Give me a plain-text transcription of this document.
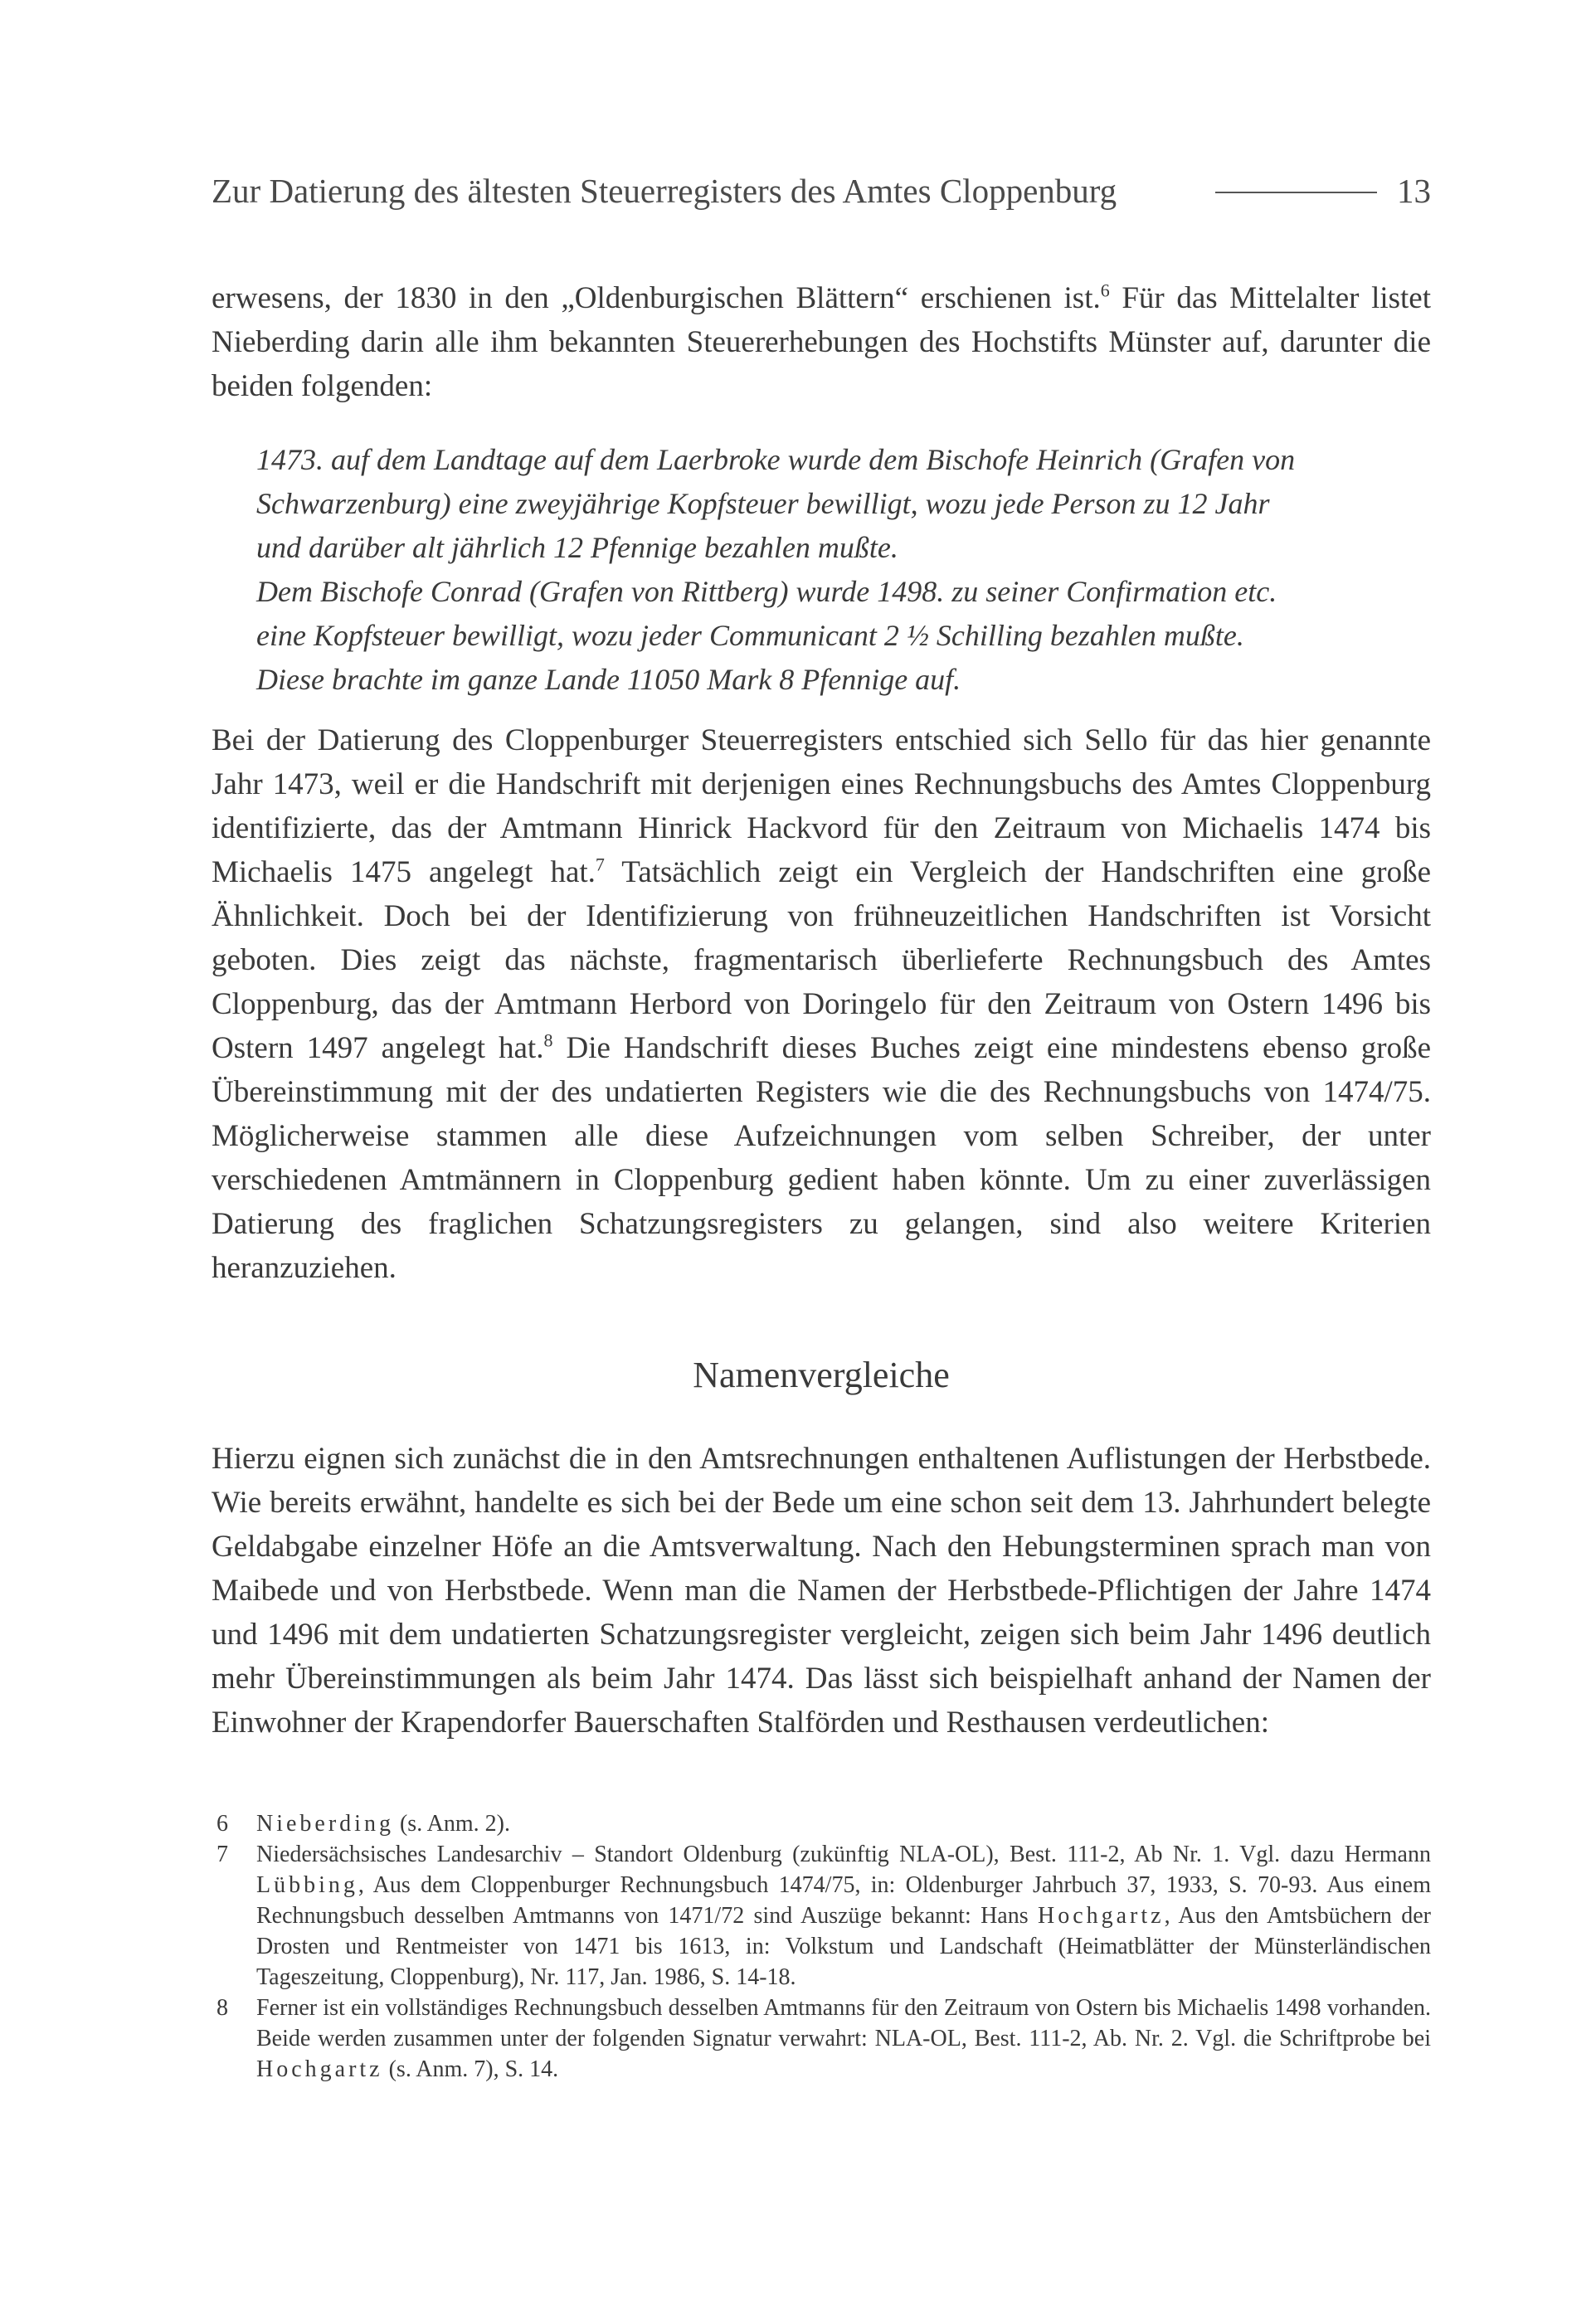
Zur Datierung des ältesten Steuerregisters des Amtes Cloppenburg	13

erwesens, der 1830 in den „Oldenburgischen Blättern“ erschienen ist.$^6$ Für das Mittelalter listet Nieberding darin alle ihm bekannten Steuererhebungen des Hochstifts Münster auf, darunter die beiden folgenden:

1473. auf dem Landtage auf dem Laerbroke wurde dem Bischofe Heinrich (Grafen von
Schwarzenburg) eine zweyjährige Kopfsteuer bewilligt, wozu jede Person zu 12 Jahr
und darüber alt jährlich 12 Pfennige bezahlen mußte.
Dem Bischofe Conrad (Grafen von Rittberg) wurde 1498. zu seiner Confirmation etc.
eine Kopfsteuer bewilligt, wozu jeder Communicant 2 ½ Schilling bezahlen mußte.
Diese brachte im ganze Lande 11050 Mark 8 Pfennige auf.

Bei der Datierung des Cloppenburger Steuerregisters entschied sich Sello für das hier genannte Jahr 1473, weil er die Handschrift mit derjenigen eines Rechnungsbuchs des Amtes Cloppenburg identifizierte, das der Amtmann Hinrick Hackvord für den Zeitraum von Michaelis 1474 bis Michaelis 1475 angelegt hat.$^7$ Tatsächlich zeigt ein Vergleich der Handschriften eine große Ähnlichkeit. Doch bei der Identifizierung von frühneuzeitlichen Handschriften ist Vorsicht geboten. Dies zeigt das nächste, fragmentarisch überlieferte Rechnungsbuch des Amtes Cloppenburg, das der Amtmann Herbord von Doringelo für den Zeitraum von Ostern 1496 bis Ostern 1497 angelegt hat.$^8$ Die Handschrift dieses Buches zeigt eine mindestens ebenso große Übereinstimmung mit der des undatierten Registers wie die des Rechnungsbuchs von 1474/75. Möglicherweise stammen alle diese Aufzeichnungen vom selben Schreiber, der unter verschiedenen Amtmännern in Cloppenburg gedient haben könnte. Um zu einer zuverlässigen Datierung des fraglichen Schatzungsregisters zu gelangen, sind also weitere Kriterien heranzuziehen.

Namenvergleiche

Hierzu eignen sich zunächst die in den Amtsrechnungen enthaltenen Auflistungen der Herbstbede. Wie bereits erwähnt, handelte es sich bei der Bede um eine schon seit dem 13. Jahrhundert belegte Geldabgabe einzelner Höfe an die Amtsverwaltung. Nach den Hebungsterminen sprach man von Maibede und von Herbstbede. Wenn man die Namen der Herbstbede-Pflichtigen der Jahre 1474 und 1496 mit dem undatierten Schatzungsregister vergleicht, zeigen sich beim Jahr 1496 deutlich mehr Übereinstimmungen als beim Jahr 1474. Das lässt sich beispielhaft anhand der Namen der Einwohner der Krapendorfer Bauerschaften Stalförden und Resthausen verdeutlichen:

6 Nieberding (s. Anm. 2).
7 Niedersächsisches Landesarchiv – Standort Oldenburg (zukünftig NLA-OL), Best. 111-2, Ab Nr. 1. Vgl. dazu Hermann Lübbing, Aus dem Cloppenburger Rechnungsbuch 1474/75, in: Oldenburger Jahrbuch 37, 1933, S. 70-93. Aus einem Rechnungsbuch desselben Amtmanns von 1471/72 sind Auszüge bekannt: Hans Hochgartz, Aus den Amtsbüchern der Drosten und Rentmeister von 1471 bis 1613, in: Volkstum und Landschaft (Heimatblätter der Münsterländischen Tageszeitung, Cloppenburg), Nr. 117, Jan. 1986, S. 14-18.
8 Ferner ist ein vollständiges Rechnungsbuch desselben Amtmanns für den Zeitraum von Ostern bis Michaelis 1498 vorhanden. Beide werden zusammen unter der folgenden Signatur verwahrt: NLA-OL, Best. 111-2, Ab. Nr. 2. Vgl. die Schriftprobe bei Hochgartz (s. Anm. 7), S. 14.
